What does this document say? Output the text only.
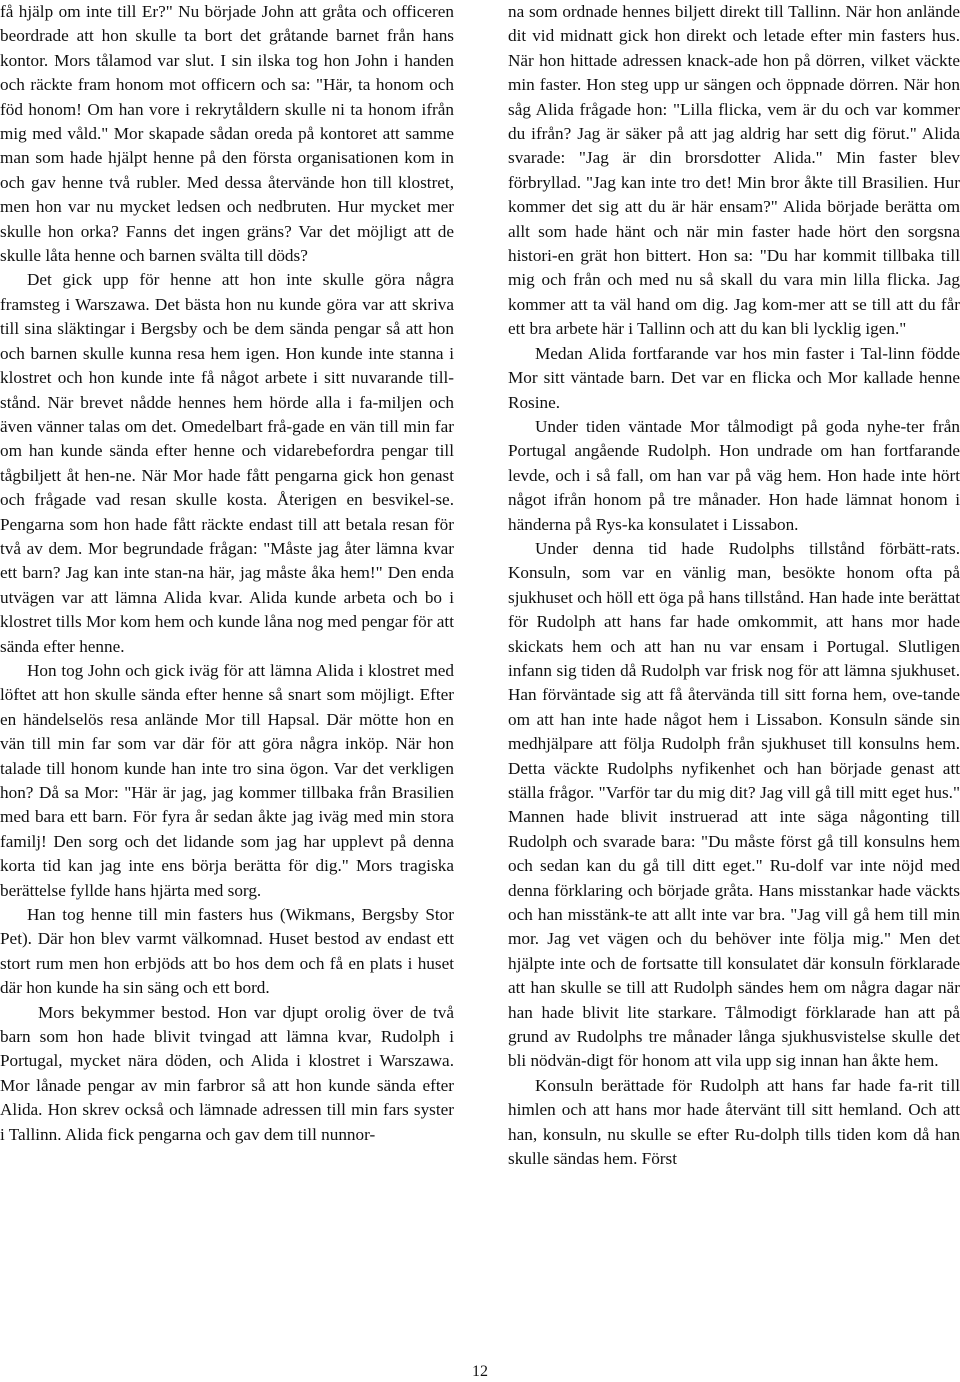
få hjälp om inte till Er?" Nu började John att gråta och officeren beordrade att hon skulle ta bort det gråtande barnet från hans kontor. Mors tålamod var slut. I sin ilska tog hon John i handen och räckte fram honom mot officern och sa: "Här, ta honom och föd honom! Om han vore i rekrytåldern skulle ni ta honom ifrån mig med våld." Mor skapade sådan oreda på kontoret att samme man som hade hjälpt henne på den första organisationen kom in och gav henne två rubler. Med dessa återvände hon till klostret, men hon var nu mycket ledsen och nedbruten. Hur mycket mer skulle hon orka? Fanns det ingen gräns? Var det möjligt att de skulle låta henne och barnen svälta till döds?

Det gick upp för henne att hon inte skulle göra några framsteg i Warszawa. Det bästa hon nu kunde göra var att skriva till sina släktingar i Bergsby och be dem sända pengar så att hon och barnen skulle kunna resa hem igen. Hon kunde inte stanna i klostret och hon kunde inte få något arbete i sitt nuvarande till-stånd. När brevet nådde hennes hem hörde alla i fa-miljen och även vänner talas om det. Omedelbart frå-gade en vän till min far om han kunde sända efter henne och vidarebefordra pengar till tågbiljett åt hen-ne. När Mor hade fått pengarna gick hon genast och frågade vad resan skulle kosta. Återigen en besvikel-se. Pengarna som hon hade fått räckte endast till att betala resan för två av dem. Mor begrundade frågan: "Måste jag åter lämna kvar ett barn? Jag kan inte stan-na här, jag måste åka hem!" Den enda utvägen var att lämna Alida kvar. Alida kunde arbeta och bo i klostret tills Mor kom hem och kunde låna nog med pengar för att sända efter henne.

Hon tog John och gick iväg för att lämna Alida i klostret med löftet att hon skulle sända efter henne så snart som möjligt. Efter en händelselös resa anlände Mor till Hapsal. Där mötte hon en vän till min far som var där för att göra några inköp. När hon talade till honom kunde han inte tro sina ögon. Var det verkligen hon? Då sa Mor: "Här är jag, jag kommer tillbaka från Brasilien med bara ett barn. För fyra år sedan åkte jag iväg med min stora familj! Den sorg och det lidande som jag har upplevt på denna korta tid kan jag inte ens börja berätta för dig." Mors tragiska berättelse fyllde hans hjärta med sorg.

Han tog henne till min fasters hus (Wikmans, Bergsby Stor Pet). Där hon blev varmt välkomnad. Huset bestod av endast ett stort rum men hon erbjöds att bo hos dem och få en plats i huset där hon kunde ha sin säng och ett bord.

Mors bekymmer bestod. Hon var djupt orolig över de två barn som hon hade blivit tvingad att lämna kvar, Rudolph i Portugal, mycket nära döden, och Alida i klostret i Warszawa. Mor lånade pengar av min farbror så att hon kunde sända efter Alida. Hon skrev också och lämnade adressen till min fars syster i Tallinn. Alida fick pengarna och gav dem till nunnor-

na som ordnade hennes biljett direkt till Tallinn. När hon anlände dit vid midnatt gick hon direkt och letade efter min fasters hus. När hon hittade adressen knack-ade hon på dörren, vilket väckte min faster. Hon steg upp ur sängen och öppnade dörren. När hon såg Alida frågade hon: "Lilla flicka, vem är du och var kommer du ifrån? Jag är säker på att jag aldrig har sett dig förut." Alida svarade: "Jag är din brorsdotter Alida." Min faster blev förbryllad. "Jag kan inte tro det! Min bror åkte till Brasilien. Hur kommer det sig att du är här ensam?" Alida började berätta om allt som hade hänt och när min faster hade hört den sorgsna histori-en grät hon bittert. Hon sa: "Du har kommit tillbaka till mig och från och med nu så skall du vara min lilla flicka. Jag kommer att ta väl hand om dig. Jag kom-mer att se till att du får ett bra arbete här i Tallinn och att du kan bli lycklig igen."

Medan Alida fortfarande var hos min faster i Tal-linn födde Mor sitt väntade barn. Det var en flicka och Mor kallade henne Rosine.

Under tiden väntade Mor tålmodigt på goda nyhe-ter från Portugal angående Rudolph. Hon undrade om han fortfarande levde, och i så fall, om han var på väg hem. Hon hade inte hört något ifrån honom på tre månader. Hon hade lämnat honom i händerna på Rys-ka konsulatet i Lissabon.

Under denna tid hade Rudolphs tillstånd förbätt-rats. Konsuln, som var en vänlig man, besökte honom ofta på sjukhuset och höll ett öga på hans tillstånd. Han hade inte berättat för Rudolph att hans far hade omkommit, att hans mor hade skickats hem och att han nu var ensam i Portugal. Slutligen infann sig tiden då Rudolph var frisk nog för att lämna sjukhuset. Han förväntade sig att få återvända till sitt forna hem, ove-tande om att han inte hade något hem i Lissabon. Konsuln sände sin medhjälpare att följa Rudolph från sjukhuset till konsulns hem. Detta väckte Rudolphs nyfikenhet och han började genast att ställa frågor. "Varför tar du mig dit? Jag vill gå till mitt eget hus." Mannen hade blivit instruerad att inte säga någonting till Rudolph och svarade bara: "Du måste först gå till konsulns hem och sedan kan du gå till ditt eget." Ru-dolf var inte nöjd med denna förklaring och började gråta. Hans misstankar hade väckts och han misstänk-te att allt inte var bra. "Jag vill gå hem till min mor. Jag vet vägen och du behöver inte följa mig." Men det hjälpte inte och de fortsatte till konsulatet där konsuln förklarade att han skulle se till att Rudolph sändes hem om några dagar när han hade blivit lite starkare. Tålmodigt förklarade han att på grund av Rudolphs tre månader långa sjukhusvistelse skulle det bli nödvän-digt för honom att vila upp sig innan han åkte hem.

Konsuln berättade för Rudolph att hans far hade fa-rit till himlen och att hans mor hade återvänt till sitt hemland. Och att han, konsuln, nu skulle se efter Ru-dolph tills tiden kom då han skulle sändas hem. Först

12
